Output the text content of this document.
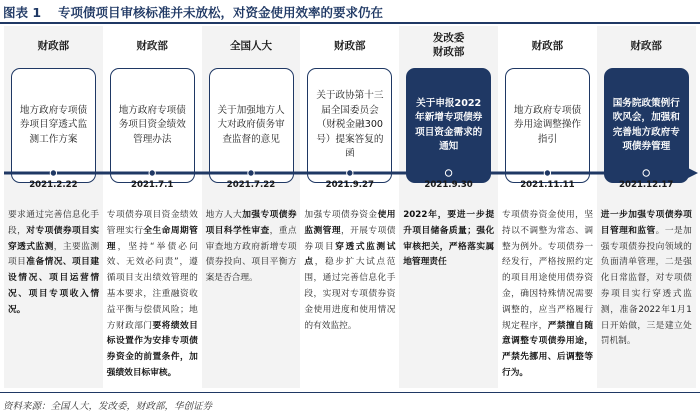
图表 1 专项债项目审核标准并未放松，对资金使用效率的要求仍在
财政部
地方政府专项债券项目穿透式监测工作方案
2021.2.22
要求通过完善信息化手段，对专项债券项目实穿透式监测，主要监测项目准备情况、项目建设情况、项目运营情况、项目专项收入情况。
财政部
地方政府专项债务项目资金绩效管理办法
2021.7.1
专项债券项目资金绩效管理实行全生命周期管理，坚持“举债必问效、无效必问责”，遵循项目支出绩效管理的基本要求，注重融资收益平衡与偿债风险；地方财政部门要将绩效目标设置作为安排专项债券资金的前置条件，加强绩效目标审核。
全国人大
关于加强地方人大对政府债务审查监督的意见
2021.7.22
地方人大加强专项债券项目科学性审查，重点审查地方政府新增专项债券投向、项目平衡方案是否合理。
财政部
关于政协第十三届全国委员会（财税金融300号）提案答复的函
2021.9.27
加强专项债券资金使用监测管理，开展专项债券项目穿透式监测试点，稳步扩大试点范围，通过完善信息化手段，实现对专项债券资金使用进度和使用情况的有效监控。
发改委
财政部
关于申报2022年新增专项债券项目资金需求的通知
2021.9.30
2022年，要进一步提升项目储备质量；强化审核把关，严格落实属地管理责任
财政部
地方政府专项债券用途调整操作指引
2021.11.11
专项债券资金使用，坚持以不调整为常态、调整为例外。专项债券一经发行，严格按照约定的项目用途使用债券资金，确因特殊情况需要调整的，应当严格履行规定程序，严禁擅自随意调整专项债券用途，严禁先挪用、后调整等行为。
财政部
国务院政策例行吹风会，加强和完善地方政府专项债券管理
2021.12.17
进一步加强专项债券项目管理和监管。一是加强专项债券投向领域的负面清单管理，二是强化日常监督，对专项债券项目实行穿透式监测，准备2022年1月1日开始做，三是建立处罚机制。
资料来源：全国人大，发改委，财政部，华创证券
